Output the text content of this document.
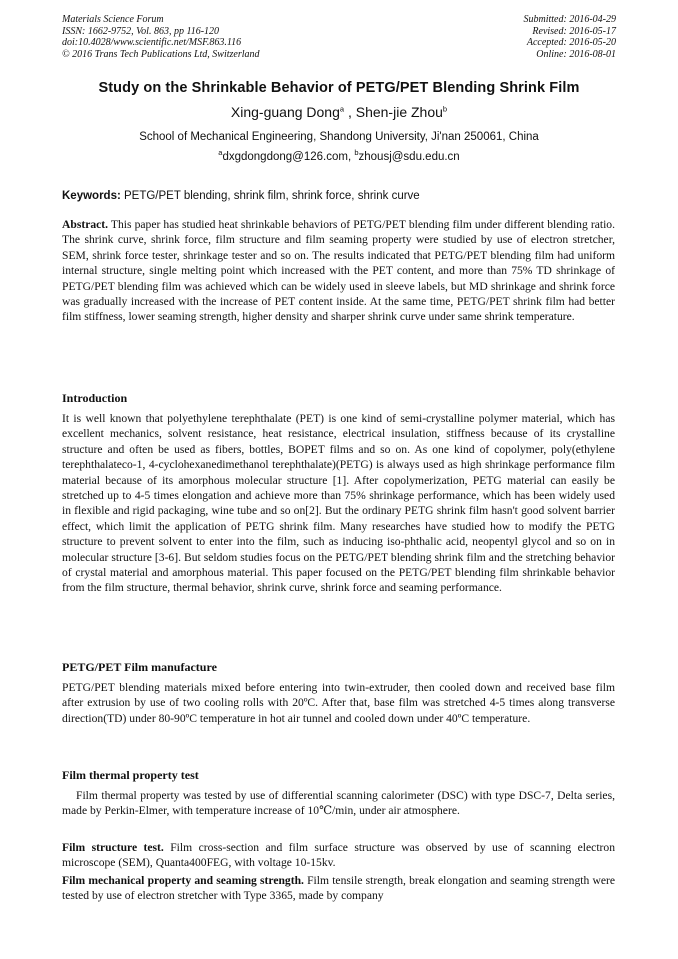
Materials Science Forum
ISSN: 1662-9752, Vol. 863, pp 116-120
doi:10.4028/www.scientific.net/MSF.863.116
© 2016 Trans Tech Publications Ltd, Switzerland
Submitted: 2016-04-29
Revised: 2016-05-17
Accepted: 2016-05-20
Online: 2016-08-01
Study on the Shrinkable Behavior of PETG/PET Blending Shrink Film
Xing-guang Dong$^a$ , Shen-jie Zhou$^b$
School of Mechanical Engineering, Shandong University, Ji'nan 250061, China
$^a$dxgdongdong@126.com, $^b$zhousj@sdu.edu.cn
Keywords: PETG/PET blending, shrink film, shrink force, shrink curve
Abstract. This paper has studied heat shrinkable behaviors of PETG/PET blending film under different blending ratio. The shrink curve, shrink force, film structure and film seaming property were studied by use of electron stretcher, SEM, shrink force tester, shrinkage tester and so on. The results indicated that PETG/PET blending film had uniform internal structure, single melting point which increased with the PET content, and more than 75% TD shrinkage of PETG/PET blending film was achieved which can be widely used in sleeve labels, but MD shrinkage and shrink force was gradually increased with the increase of PET content inside. At the same time, PETG/PET shrink film had better film stiffness, lower seaming strength, higher density and sharper shrink curve under same shrink temperature.
Introduction
It is well known that polyethylene terephthalate (PET) is one kind of semi-crystalline polymer material, which has excellent mechanics, solvent resistance, heat resistance, electrical insulation, stiffness because of its crystalline structure and often be used as fibers, bottles, BOPET films and so on. As one kind of copolymer, poly(ethylene terephthalateco-1, 4-cyclohexanedimethanol terephthalate)(PETG) is always used as high shrinkage performance film material because of its amorphous molecular structure [1]. After copolymerization, PETG material can easily be stretched up to 4-5 times elongation and achieve more than 75% shrinkage performance, which has been widely used in flexible and rigid packaging, wine tube and so on[2]. But the ordinary PETG shrink film hasn't good solvent barrier effect, which limit the application of PETG shrink film. Many researches have studied how to modify the PETG structure to prevent solvent to enter into the film, such as inducing iso-phthalic acid, neopentyl glycol and so on in molecular structure [3-6]. But seldom studies focus on the PETG/PET blending shrink film and the stretching behavior of crystal material and amorphous material. This paper focused on the PETG/PET blending film shrinkable behavior from the film structure, thermal behavior, shrink curve, shrink force and seaming performance.
PETG/PET Film manufacture
PETG/PET blending materials mixed before entering into twin-extruder, then cooled down and received base film after extrusion by use of two cooling rolls with 20ºC. After that, base film was stretched 4-5 times along transverse direction(TD) under 80-90ºC temperature in hot air tunnel and cooled down under 40ºC temperature.
Film thermal property test
Film thermal property was tested by use of differential scanning calorimeter (DSC) with type DSC-7, Delta series, made by Perkin-Elmer, with temperature increase of 10℃/min, under air atmosphere.
Film structure test. Film cross-section and film surface structure was observed by use of scanning electron microscope (SEM), Quanta400FEG, with voltage 10-15kv.
Film mechanical property and seaming strength. Film tensile strength, break elongation and seaming strength were tested by use of electron stretcher with Type 3365, made by company
